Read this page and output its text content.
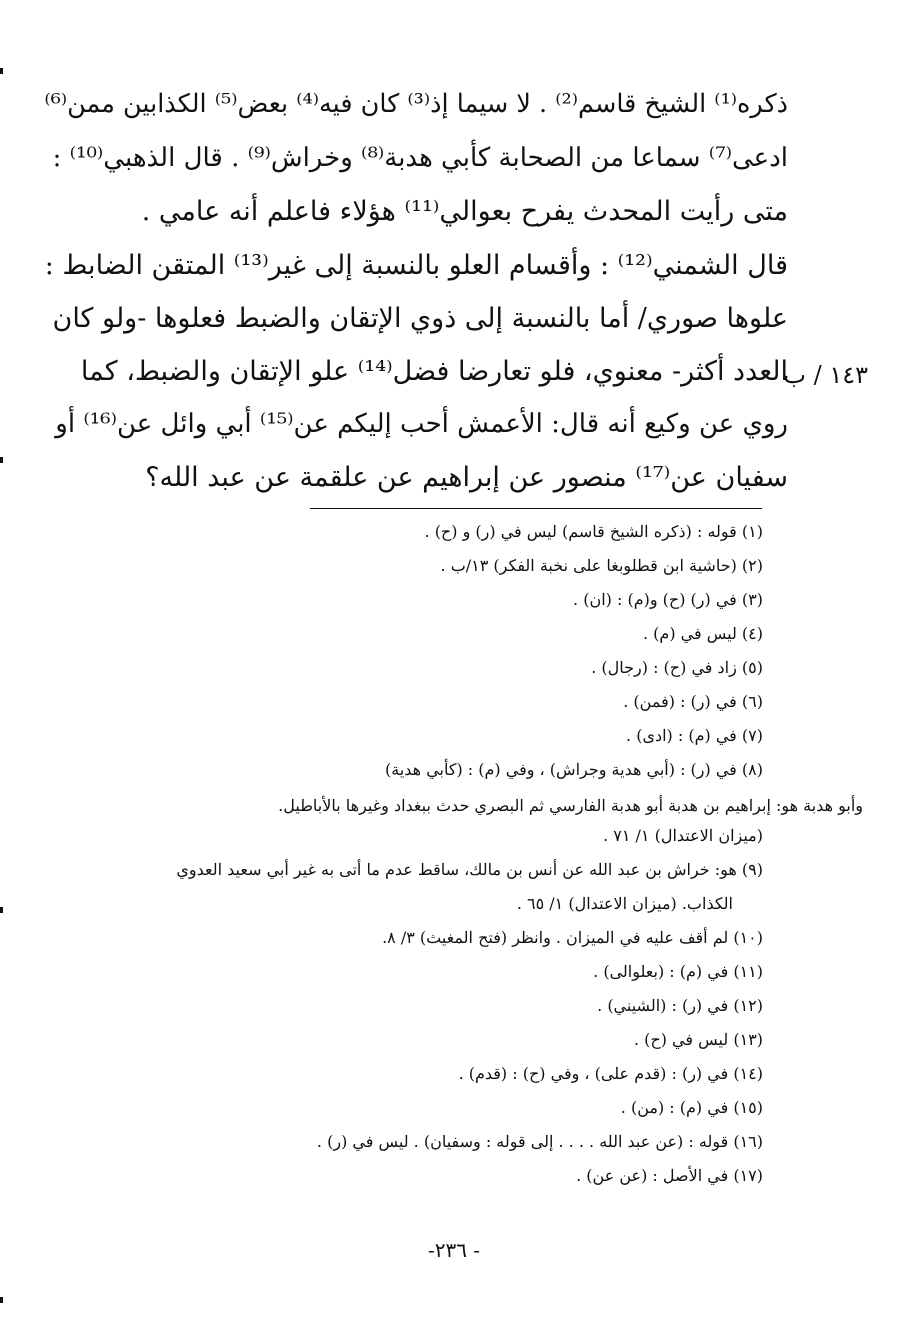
ذكره⁽¹⁾ الشيخ قاسم⁽²⁾ . لا سيما إذ⁽³⁾ كان فيه⁽⁴⁾ بعض⁽⁵⁾ الكذابين ممن⁽⁶⁾
ادعى⁽⁷⁾ سماعا من الصحابة كأبي هدبة⁽⁸⁾ وخراش⁽⁹⁾ . قال الذهبي⁽¹⁰⁾ :
متى رأيت المحدث يفرح بعوالي⁽¹¹⁾ هؤلاء فاعلم أنه عامي .
قال الشمني⁽¹²⁾ : وأقسام العلو بالنسبة إلى غير⁽¹³⁾ المتقن الضابط :
علوها صوري/ أما بالنسبة إلى ذوي الإتقان والضبط فعلوها -ولو كان
العدد أكثر- معنوي، فلو تعارضا فضل⁽¹⁴⁾ علو الإتقان والضبط، كما
روي عن وكيع أنه قال: الأعمش أحب إليكم عن⁽¹⁵⁾ أبي وائل عن⁽¹⁶⁾ أو
سفيان عن⁽¹⁷⁾ منصور عن إبراهيم عن علقمة عن عبد الله؟
١٤٣ / ب
(١) قوله : (ذكره الشيخ قاسم) ليس في (ر) و (ح) .
(٢) (حاشية ابن قطلوبغا على نخبة الفكر) ١٣/ب .
(٣) في (ر) (ح) و(م) : (ان) .
(٤) ليس في (م) .
(٥) زاد في (ح) : (رجال) .
(٦) في (ر) : (فمن) .
(٧) في (م) : (ادى) .
(٨) في (ر) : (أبي هدية وجراش) ، وفي (م) : (كأبي هدية)
وأبو هدبة هو: إبراهيم بن هدبة أبو هدبة الفارسي ثم البصري حدث ببغداد وغيرها بالأباطيل.
(ميزان الاعتدال) ١/ ٧١ .
(٩) هو: خراش بن عبد الله عن أنس بن مالك، ساقط عدم ما أتى به غير أبي سعيد العدوي
الكذاب. (ميزان الاعتدال) ١/ ٦٥ .
(١٠) لم أقف عليه في الميزان . وانظر (فتح المغيث) ٣/ ٨.
(١١) في (م) : (بعلوالى) .
(١٢) في (ر) : (الشيني) .
(١٣) ليس في (ح) .
(١٤) في (ر) : (قدم على) ، وفي (ح) : (قدم) .
(١٥) في (م) : (من) .
(١٦) قوله : (عن عبد الله . . . . إلى قوله : وسفيان) . ليس في (ر) .
(١٧) في الأصل : (عن عن) .
- ٢٣٦-
